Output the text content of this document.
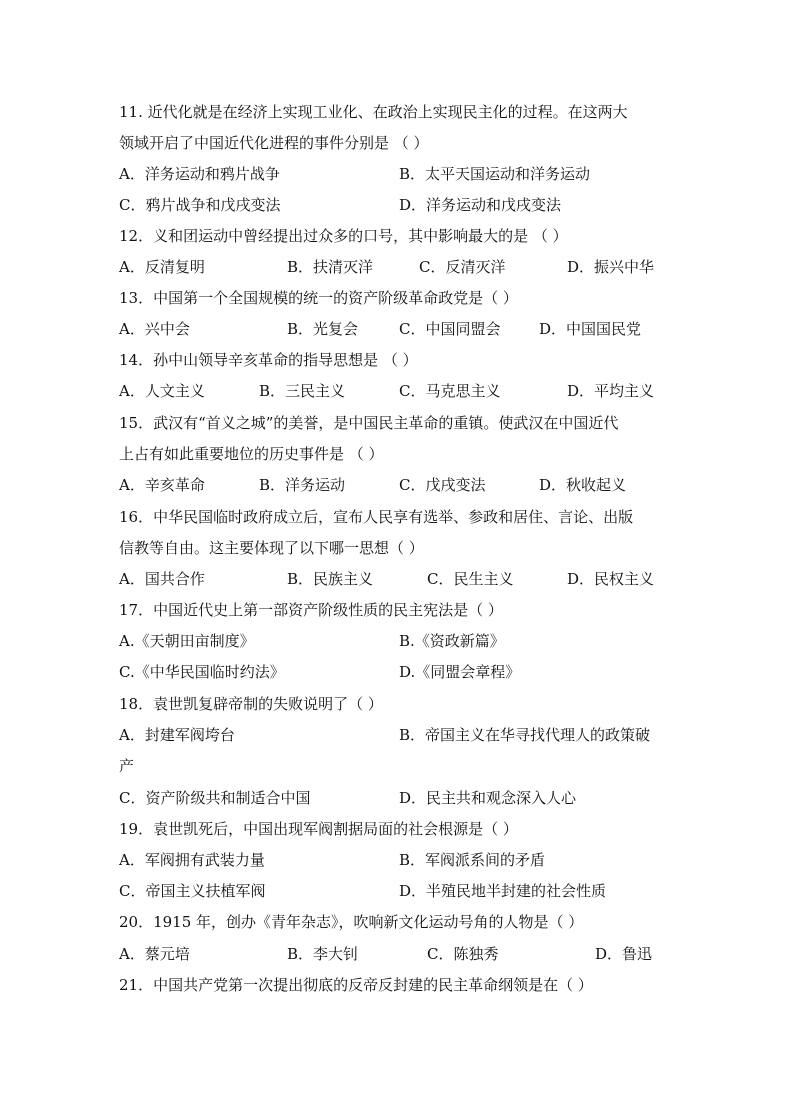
11. 近代化就是在经济上实现工业化、在政治上实现民主化的过程。在这两大
领域开启了中国近代化进程的事件分别是 （ ）
A．洋务运动和鸦片战争	B．太平天国运动和洋务运动
C．鸦片战争和戊戌变法	D．洋务运动和戊戌变法
12．义和团运动中曾经提出过众多的口号，其中影响最大的是 （ ）
A．反清复明	B．扶清灭洋	C．反清灭洋	D．振兴中华
13．中国第一个全国规模的统一的资产阶级革命政党是（ ）
A．兴中会	B．光复会	C．中国同盟会	D．中国国民党
14．孙中山领导辛亥革命的指导思想是 （ ）
A．人文主义	B．三民主义	C．马克思主义	D．平均主义
15．武汉有“首义之城”的美誉，是中国民主革命的重镇。使武汉在中国近代
上占有如此重要地位的历史事件是 （ ）
A．辛亥革命	B．洋务运动	C．戊戌变法	D．秋收起义
16．中华民国临时政府成立后，宣布人民享有选举、参政和居住、言论、出版
信教等自由。这主要体现了以下哪一思想（ ）
A．国共合作	B．民族主义	C．民生主义	D．民权主义
17．中国近代史上第一部资产阶级性质的民主宪法是（ ）
A.《天朝田亩制度》	B.《资政新篇》
C.《中华民国临时约法》	D.《同盟会章程》
18．袁世凯复辟帝制的失败说明了（ ）
A．封建军阀垮台	B．帝国主义在华寻找代理人的政策破
产
C．资产阶级共和制适合中国	D．民主共和观念深入人心
19．袁世凯死后，中国出现军阀割据局面的社会根源是（ ）
A．军阀拥有武装力量	B．军阀派系间的矛盾
C．帝国主义扶植军阀	D．半殖民地半封建的社会性质
20．1915 年，创办《青年杂志》，吹响新文化运动号角的人物是（ ）
A．蔡元培	B．李大钊	C．陈独秀	D．鲁迅
21．中国共产党第一次提出彻底的反帝反封建的民主革命纲领是在（ ）
